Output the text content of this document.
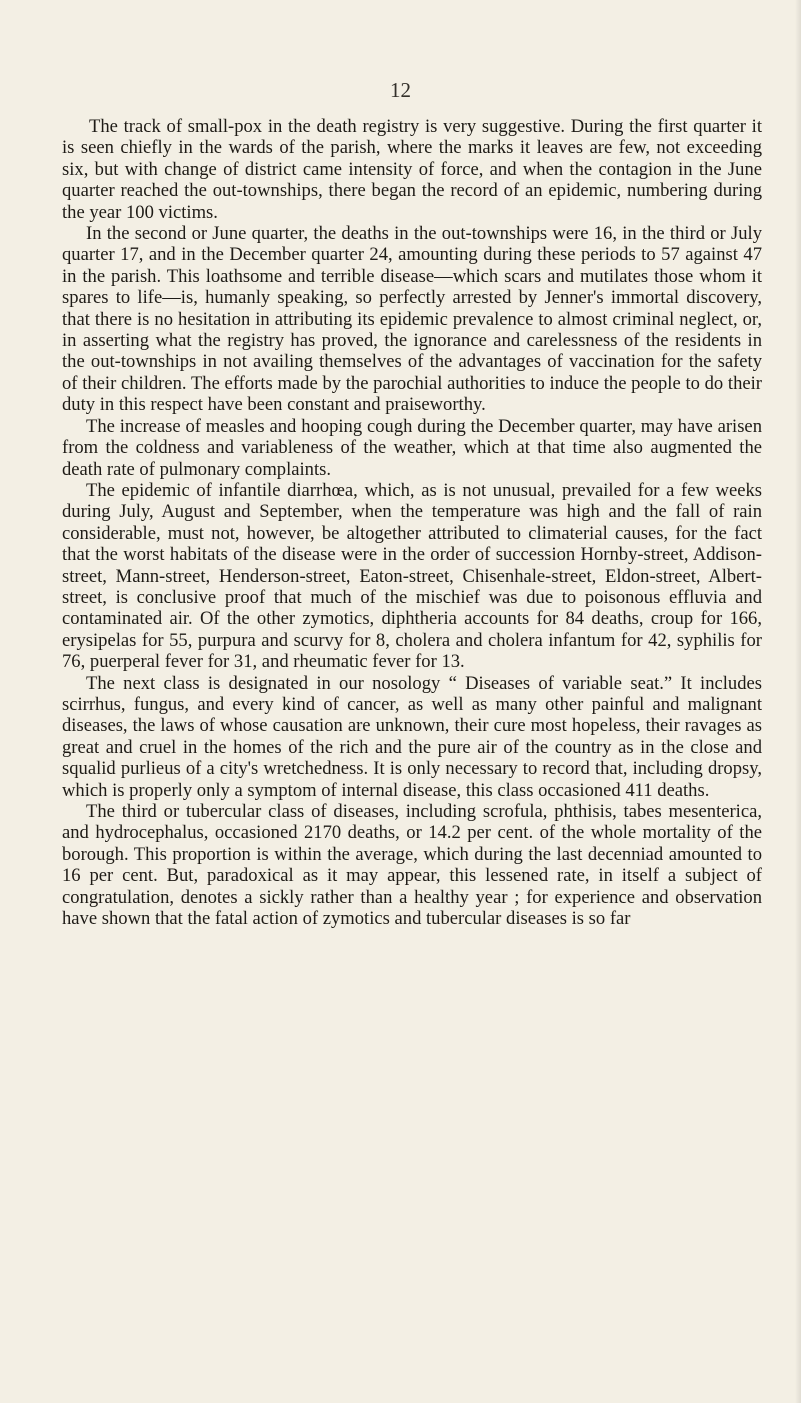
12

The track of small-pox in the death registry is very suggestive. During the first quarter it is seen chiefly in the wards of the parish, where the marks it leaves are few, not exceeding six, but with change of district came intensity of force, and when the contagion in the June quarter reached the out-townships, there began the record of an epidemic, numbering during the year 100 victims.

In the second or June quarter, the deaths in the out-townships were 16, in the third or July quarter 17, and in the December quarter 24, amounting during these periods to 57 against 47 in the parish. This loathsome and terrible disease—which scars and mutilates those whom it spares to life—is, humanly speaking, so perfectly arrested by Jenner's immortal discovery, that there is no hesitation in attributing its epidemic prevalence to almost criminal neglect, or, in asserting what the registry has proved, the ignorance and carelessness of the residents in the out-townships in not availing themselves of the advantages of vaccination for the safety of their children. The efforts made by the parochial authorities to induce the people to do their duty in this respect have been constant and praiseworthy.

The increase of measles and hooping cough during the December quarter, may have arisen from the coldness and variableness of the weather, which at that time also augmented the death rate of pulmonary complaints.

The epidemic of infantile diarrhœa, which, as is not unusual, prevailed for a few weeks during July, August and September, when the temperature was high and the fall of rain considerable, must not, however, be altogether attributed to climaterial causes, for the fact that the worst habitats of the disease were in the order of succession Hornby-street, Addison-street, Mann-street, Henderson-street, Eaton-street, Chisenhale-street, Eldon-street, Albert-street, is conclusive proof that much of the mischief was due to poisonous effluvia and contaminated air. Of the other zymotics, diphtheria accounts for 84 deaths, croup for 166, erysipelas for 55, purpura and scurvy for 8, cholera and cholera infantum for 42, syphilis for 76, puerperal fever for 31, and rheumatic fever for 13.

The next class is designated in our nosology “ Diseases of variable seat.” It includes scirrhus, fungus, and every kind of cancer, as well as many other painful and malignant diseases, the laws of whose causation are unknown, their cure most hopeless, their ravages as great and cruel in the homes of the rich and the pure air of the country as in the close and squalid purlieus of a city's wretchedness. It is only necessary to record that, including dropsy, which is properly only a symptom of internal disease, this class occasioned 411 deaths.

The third or tubercular class of diseases, including scrofula, phthisis, tabes mesenterica, and hydrocephalus, occasioned 2170 deaths, or 14.2 per cent. of the whole mortality of the borough. This proportion is within the average, which during the last decenniad amounted to 16 per cent. But, paradoxical as it may appear, this lessened rate, in itself a subject of congratulation, denotes a sickly rather than a healthy year ; for experience and observation have shown that the fatal action of zymotics and tubercular diseases is so far
